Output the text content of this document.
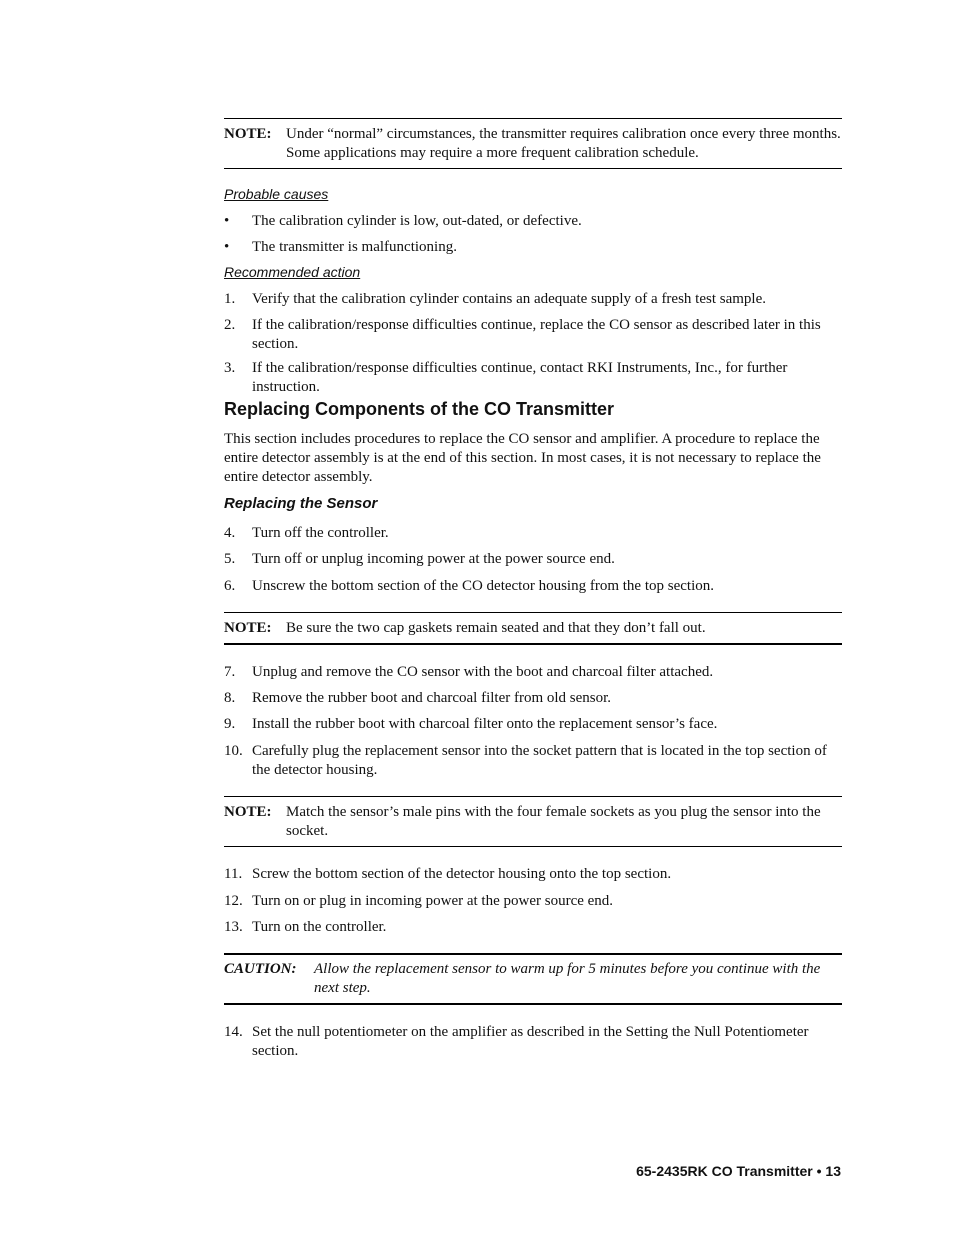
NOTE: Under “normal” circumstances, the transmitter requires calibration once every three months. Some applications may require a more frequent calibration schedule.
Probable causes
• The calibration cylinder is low, out-dated, or defective.
• The transmitter is malfunctioning.
Recommended action
1. Verify that the calibration cylinder contains an adequate supply of a fresh test sample.
2. If the calibration/response difficulties continue, replace the CO sensor as described later in this section.
3. If the calibration/response difficulties continue, contact RKI Instruments, Inc., for further instruction.
Replacing Components of the CO Transmitter
This section includes procedures to replace the CO sensor and amplifier. A procedure to replace the entire detector assembly is at the end of this section. In most cases, it is not necessary to replace the entire detector assembly.
Replacing the Sensor
4. Turn off the controller.
5. Turn off or unplug incoming power at the power source end.
6. Unscrew the bottom section of the CO detector housing from the top section.
NOTE: Be sure the two cap gaskets remain seated and that they don’t fall out.
7. Unplug and remove the CO sensor with the boot and charcoal filter attached.
8. Remove the rubber boot and charcoal filter from old sensor.
9. Install the rubber boot with charcoal filter onto the replacement sensor’s face.
10. Carefully plug the replacement sensor into the socket pattern that is located in the top section of the detector housing.
NOTE: Match the sensor’s male pins with the four female sockets as you plug the sensor into the socket.
11. Screw the bottom section of the detector housing onto the top section.
12. Turn on or plug in incoming power at the power source end.
13. Turn on the controller.
CAUTION: Allow the replacement sensor to warm up for 5 minutes before you continue with the next step.
14. Set the null potentiometer on the amplifier as described in the Setting the Null Potentiometer section.
65-2435RK CO Transmitter • 13
